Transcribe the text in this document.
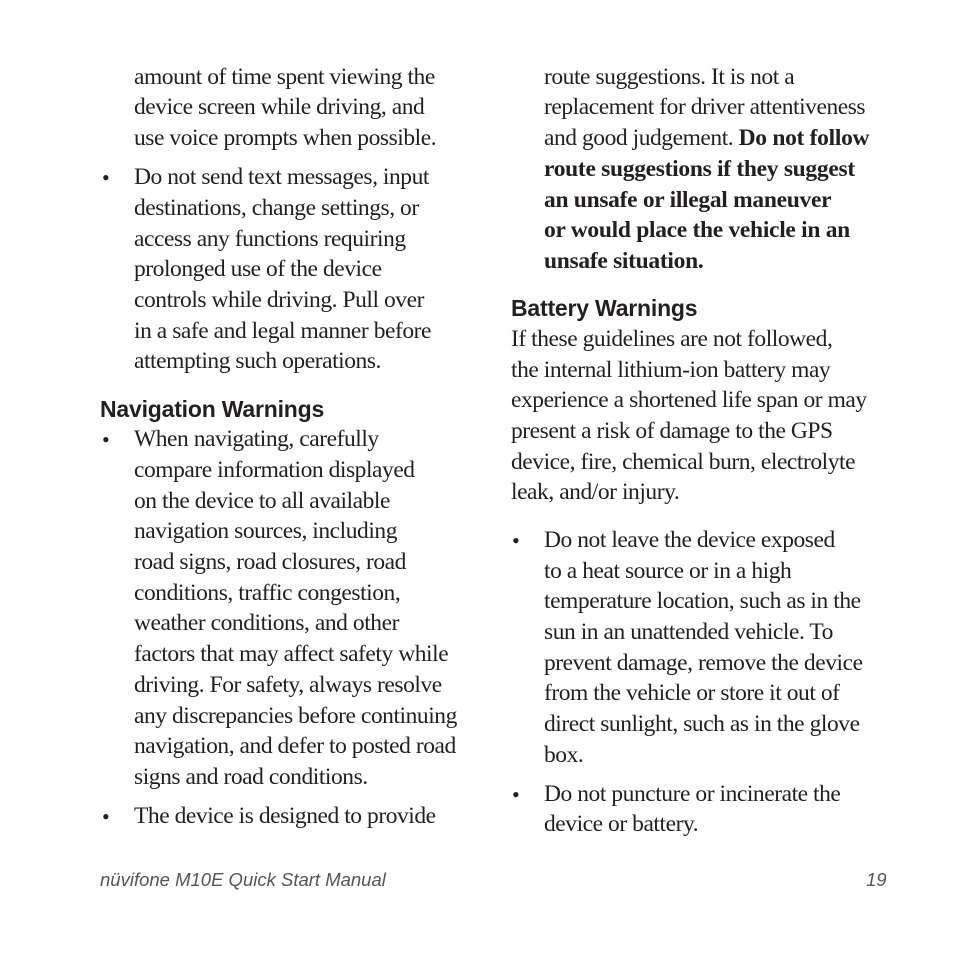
amount of time spent viewing the
device screen while driving, and
use voice prompts when possible.
• Do not send text messages, input
destinations, change settings, or
access any functions requiring
prolonged use of the device
controls while driving. Pull over
in a safe and legal manner before
attempting such operations.
Navigation Warnings
• When navigating, carefully
compare information displayed
on the device to all available
navigation sources, including
road signs, road closures, road
conditions, traffic congestion,
weather conditions, and other
factors that may affect safety while
driving. For safety, always resolve
any discrepancies before continuing
navigation, and defer to posted road
signs and road conditions.
• The device is designed to provide
route suggestions. It is not a
replacement for driver attentiveness
and good judgement. Do not follow
route suggestions if they suggest
an unsafe or illegal maneuver
or would place the vehicle in an
unsafe situation.
Battery Warnings
If these guidelines are not followed,
the internal lithium-ion battery may
experience a shortened life span or may
present a risk of damage to the GPS
device, fire, chemical burn, electrolyte
leak, and/or injury.
• Do not leave the device exposed
to a heat source or in a high
temperature location, such as in the
sun in an unattended vehicle. To
prevent damage, remove the device
from the vehicle or store it out of
direct sunlight, such as in the glove
box.
• Do not puncture or incinerate the
device or battery.
nüvifone M10E Quick Start Manual	19
